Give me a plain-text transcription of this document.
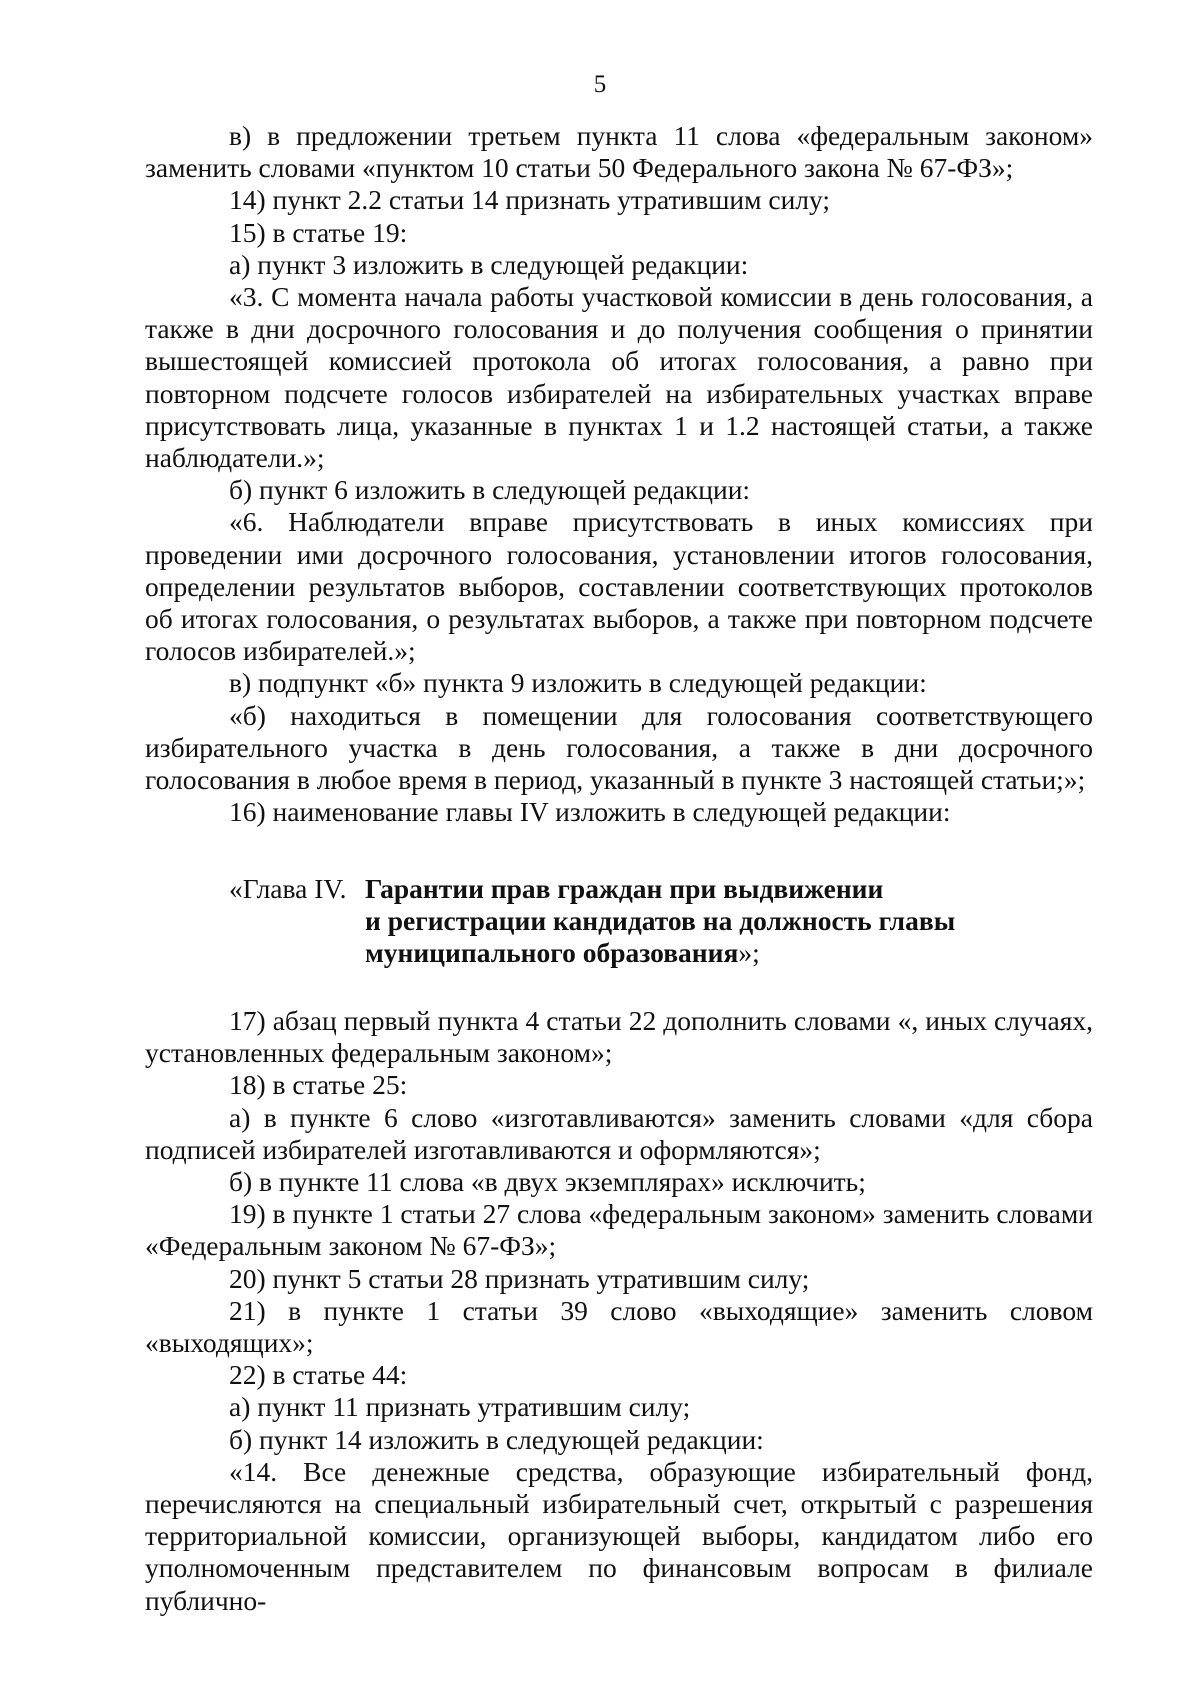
5

в) в предложении третьем пункта 11 слова «федеральным законом» заменить словами «пунктом 10 статьи 50 Федерального закона № 67-ФЗ»;

14) пункт 2.2 статьи 14 признать утратившим силу;

15) в статье 19:

а) пункт 3 изложить в следующей редакции:

«3. С момента начала работы участковой комиссии в день голосования, а также в дни досрочного голосования и до получения сообщения о принятии вышестоящей комиссией протокола об итогах голосования, а равно при повторном подсчете голосов избирателей на избирательных участках вправе присутствовать лица, указанные в пунктах 1 и 1.2 настоящей статьи, а также наблюдатели.»;

б) пункт 6 изложить в следующей редакции:

«6. Наблюдатели вправе присутствовать в иных комиссиях при проведении ими досрочного голосования, установлении итогов голосования, определении результатов выборов, составлении соответствующих протоколов об итогах голосования, о результатах выборов, а также при повторном подсчете голосов избирателей.»;

в) подпункт «б» пункта 9 изложить в следующей редакции:

«б) находиться в помещении для голосования соответствующего избирательного участка в день голосования, а также в дни досрочного голосования в любое время в период, указанный в пункте 3 настоящей статьи;»;

16) наименование главы IV изложить в следующей редакции:

«Глава IV. Гарантии прав граждан при выдвижении
и регистрации кандидатов на должность главы
муниципального образования»;

17) абзац первый пункта 4 статьи 22 дополнить словами «, иных случаях, установленных федеральным законом»;

18) в статье 25:

а) в пункте 6 слово «изготавливаются» заменить словами «для сбора подписей избирателей изготавливаются и оформляются»;

б) в пункте 11 слова «в двух экземплярах» исключить;

19) в пункте 1 статьи 27 слова «федеральным законом» заменить словами «Федеральным законом № 67-ФЗ»;

20) пункт 5 статьи 28 признать утратившим силу;

21) в пункте 1 статьи 39 слово «выходящие» заменить словом «выходящих»;

22) в статье 44:

а) пункт 11 признать утратившим силу;

б) пункт 14 изложить в следующей редакции:

«14. Все денежные средства, образующие избирательный фонд, перечисляются на специальный избирательный счет, открытый с разрешения территориальной комиссии, организующей выборы, кандидатом либо его уполномоченным представителем по финансовым вопросам в филиале публично-
